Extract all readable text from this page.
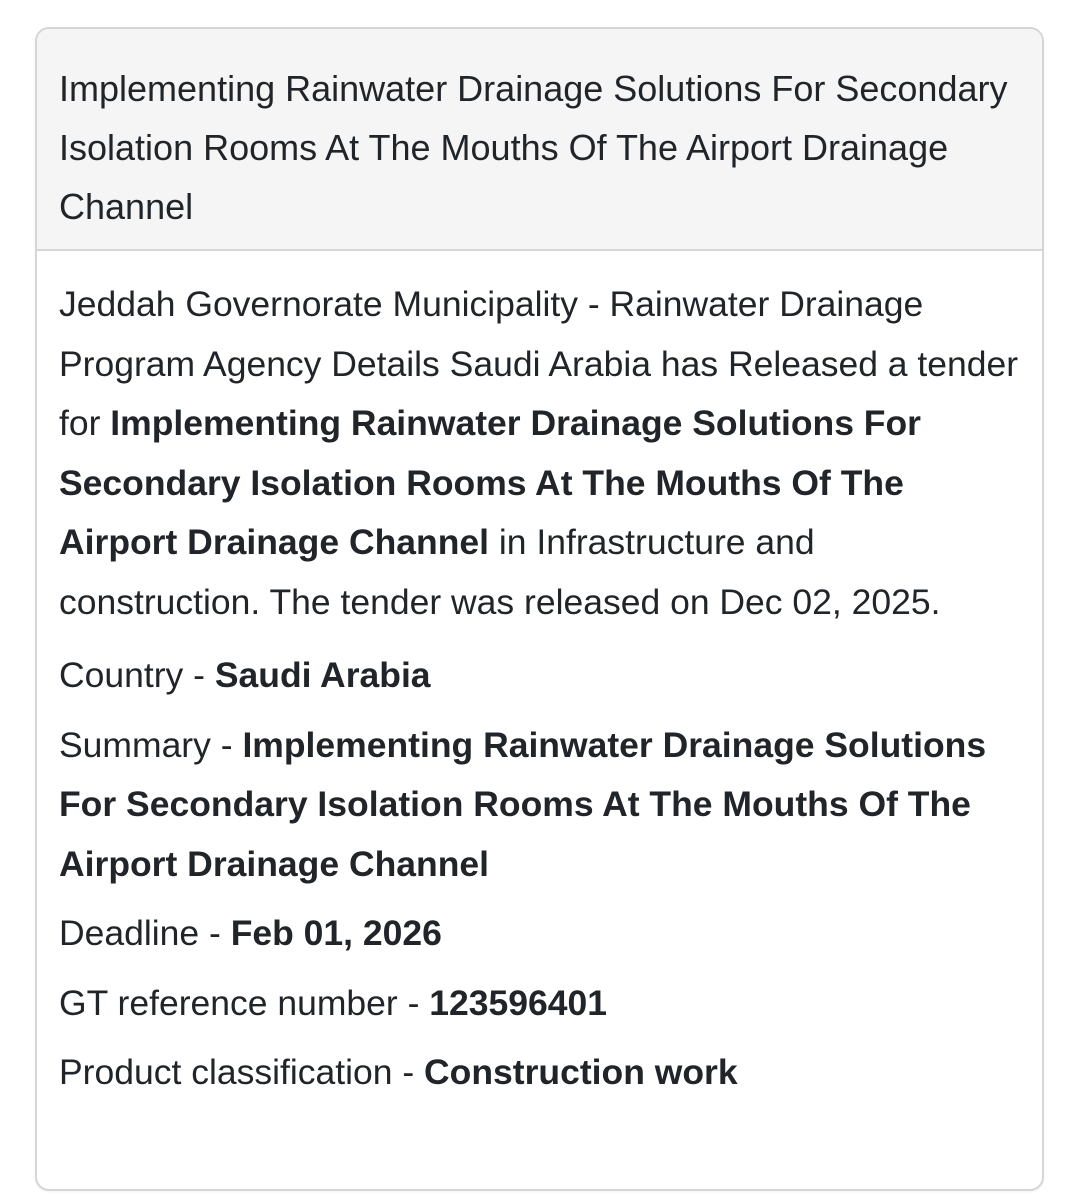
Implementing Rainwater Drainage Solutions For Secondary Isolation Rooms At The Mouths Of The Airport Drainage Channel

Jeddah Governorate Municipality - Rainwater Drainage Program Agency Details Saudi Arabia has Released a tender for Implementing Rainwater Drainage Solutions For Secondary Isolation Rooms At The Mouths Of The Airport Drainage Channel in Infrastructure and construction. The tender was released on Dec 02, 2025.

Country - Saudi Arabia

Summary - Implementing Rainwater Drainage Solutions For Secondary Isolation Rooms At The Mouths Of The Airport Drainage Channel

Deadline - Feb 01, 2026

GT reference number - 123596401

Product classification - Construction work
